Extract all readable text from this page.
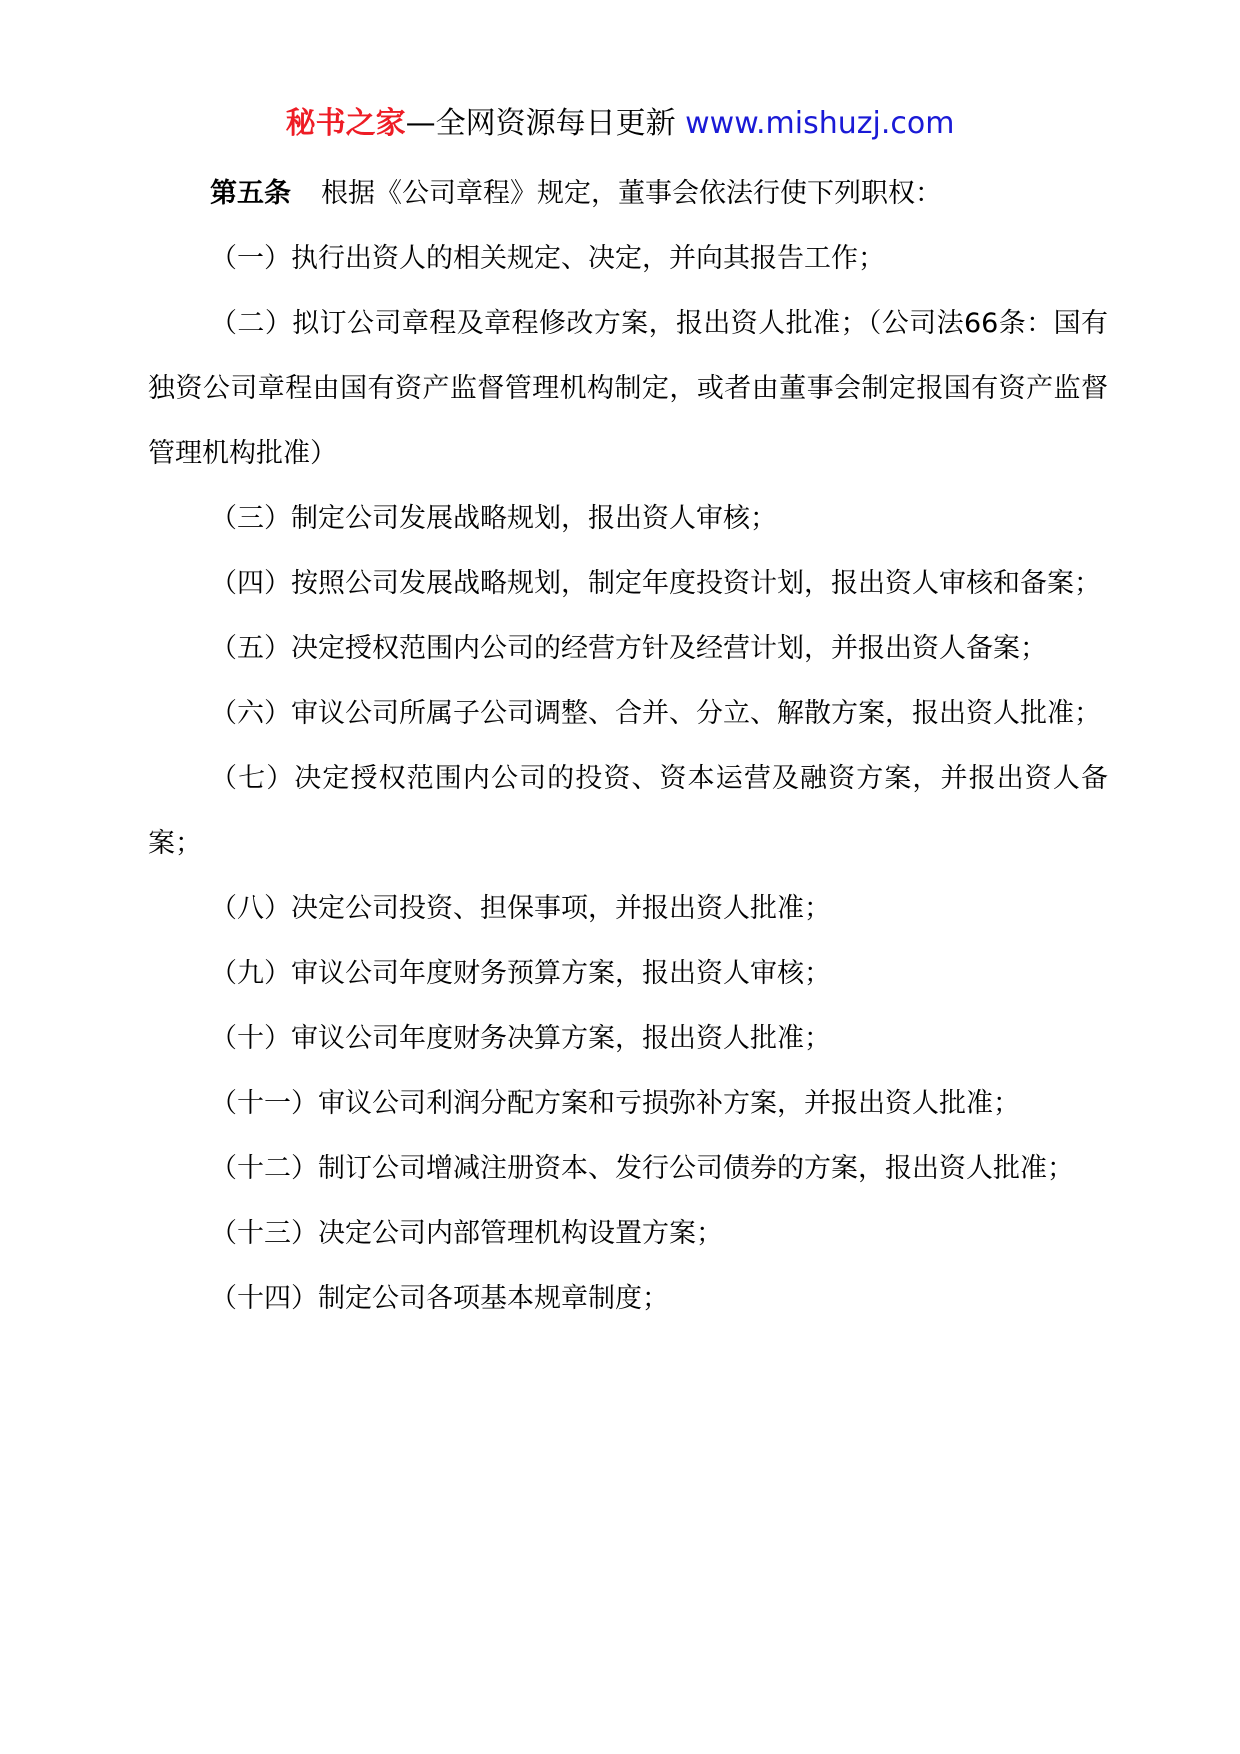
秘书之家—全网资源每日更新 www.mishuzj.com

第五条 根据《公司章程》规定，董事会依法行使下列职权：

（一）执行出资人的相关规定、决定，并向其报告工作；

（二）拟订公司章程及章程修改方案，报出资人批准；（公司法66条：国有独资公司章程由国有资产监督管理机构制定，或者由董事会制定报国有资产监督管理机构批准）

（三）制定公司发展战略规划，报出资人审核；

（四）按照公司发展战略规划，制定年度投资计划，报出资人审核和备案；

（五）决定授权范围内公司的经营方针及经营计划，并报出资人备案；

（六）审议公司所属子公司调整、合并、分立、解散方案，报出资人批准；

（七）决定授权范围内公司的投资、资本运营及融资方案，并报出资人备案；

（八）决定公司投资、担保事项，并报出资人批准；

（九）审议公司年度财务预算方案，报出资人审核；

（十）审议公司年度财务决算方案，报出资人批准；

（十一）审议公司利润分配方案和亏损弥补方案，并报出资人批准；

（十二）制订公司增减注册资本、发行公司债券的方案，报出资人批准；

（十三）决定公司内部管理机构设置方案；

（十四）制定公司各项基本规章制度；
